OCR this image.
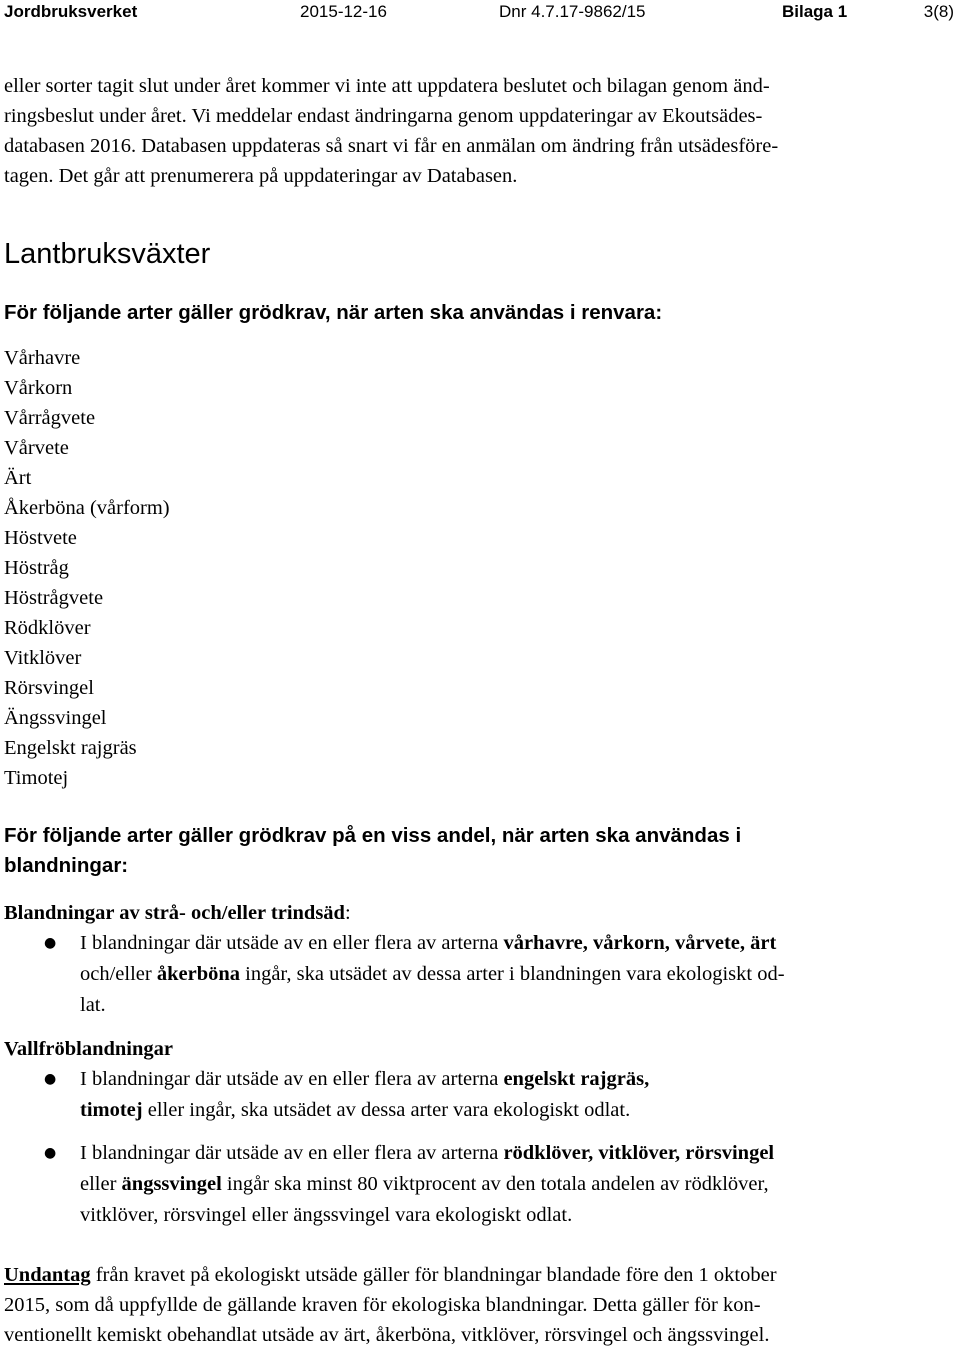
Jordbruksverket	2015-12-16	Dnr 4.7.17-9862/15	Bilaga 1	3(8)

eller sorter tagit slut under året kommer vi inte att uppdatera beslutet och bilagan genom änd-

ringsbeslut under året. Vi meddelar endast ändringarna genom uppdateringar av Ekoutsädes-

databasen 2016. Databasen uppdateras så snart vi får en anmälan om ändring från utsädesföre-

tagen. Det går att prenumerera på uppdateringar av Databasen.

Lantbruksväxter
För följande arter gäller grödkrav, när arten ska användas i renvara:
Vårhavre
Vårkorn
Vårrågvete
Vårvete
Ärt
Åkerböna (vårform)
Höstvete
Höstråg
Höstrågvete
Rödklöver
Vitklöver
Rörsvingel
Ängssvingel
Engelskt rajgräs
Timotej
För följande arter gäller grödkrav på en viss andel, när arten ska användas i
blandningar:
Blandningar av strå- och/eller trindsäd:
● I blandningar där utsäde av en eller flera av arterna vårhavre, vårkorn, vårvete, ärt
och/eller åkerböna ingår, ska utsädet av dessa arter i blandningen vara ekologiskt od-
lat.
Vallfröblandningar
● I blandningar där utsäde av en eller flera av arterna engelskt rajgräs,
timotej eller ingår, ska utsädet av dessa arter vara ekologiskt odlat.
● I blandningar där utsäde av en eller flera av arterna rödklöver, vitklöver, rörsvingel
eller ängssvingel ingår ska minst 80 viktprocent av den totala andelen av rödklöver,
vitklöver, rörsvingel eller ängssvingel vara ekologiskt odlat.
Undantag från kravet på ekologiskt utsäde gäller för blandningar blandade före den 1 oktober
2015, som då uppfyllde de gällande kraven för ekologiska blandningar. Detta gäller för kon-
ventionellt kemiskt obehandlat utsäde av ärt, åkerböna, vitklöver, rörsvingel och ängssvingel.
